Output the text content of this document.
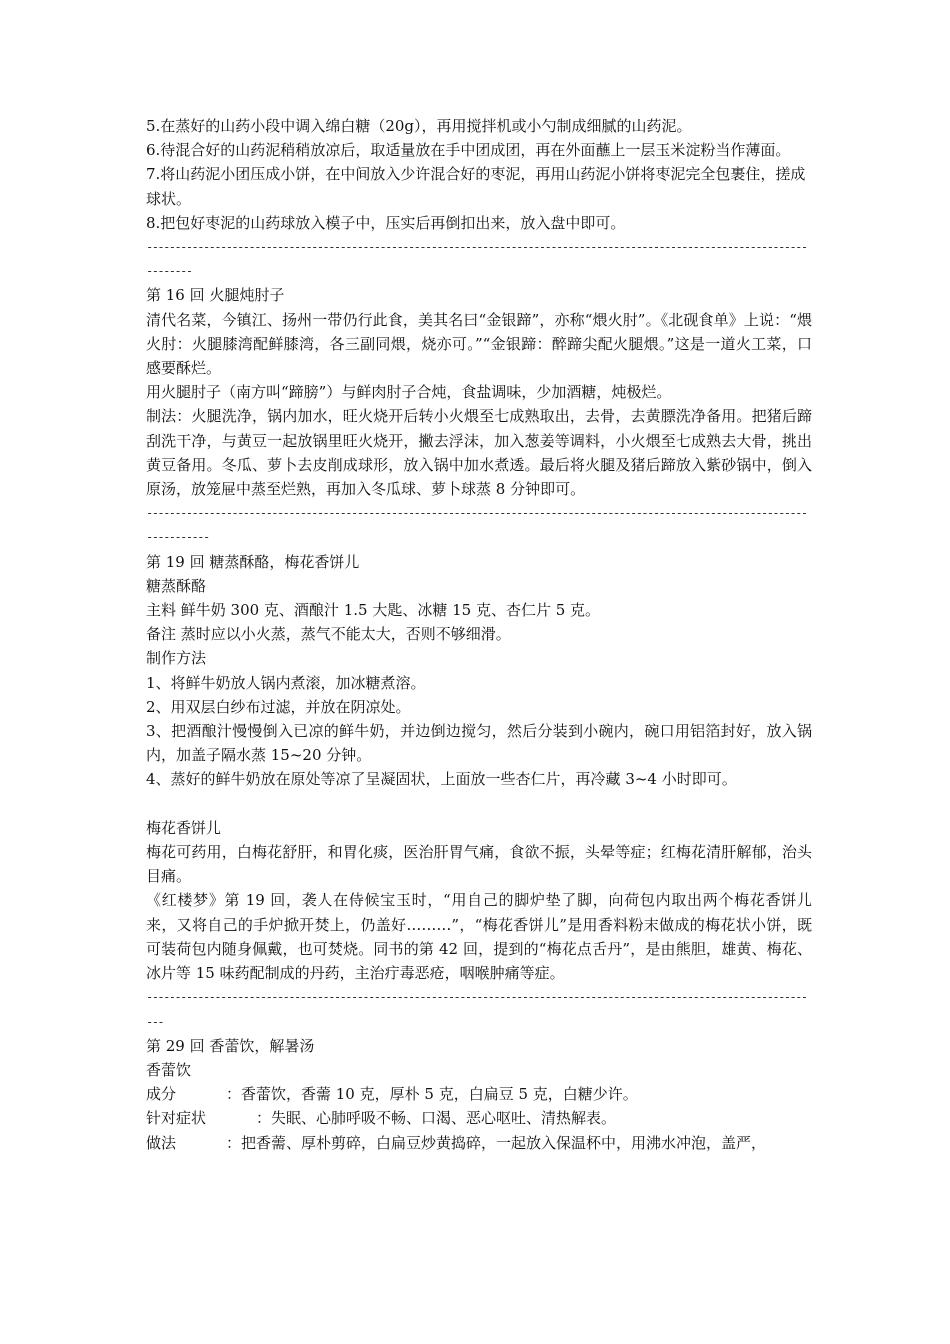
5.在蒸好的山药小段中调入绵白糖（20g），再用搅拌机或小勺制成细腻的山药泥。

6.待混合好的山药泥稍稍放凉后，取适量放在手中团成团，再在外面蘸上一层玉米淀粉当作薄面。

7.将山药泥小团压成小饼，在中间放入少许混合好的枣泥，再用山药泥小饼将枣泥完全包裹住，搓成球状。

8.把包好枣泥的山药球放入模子中，压实后再倒扣出来，放入盘中即可。

----------------------------------------------------------------------------------------------------------------------------

第 16 回 火腿炖肘子

清代名菜，今镇江、扬州一带仍行此食，美其名曰“金银蹄”，亦称“煨火肘”。《北砚食单》上说：“煨火肘：火腿膝湾配鲜膝湾，各三副同煨，烧亦可。”“金银蹄：醉蹄尖配火腿煨。”这是一道火工菜，口感要酥烂。

用火腿肘子（南方叫“蹄膀”）与鲜肉肘子合炖，食盐调味，少加酒糖，炖极烂。

制法：火腿洗净，锅内加水，旺火烧开后转小火煨至七成熟取出，去骨，去黄膘洗净备用。把猪后蹄刮洗干净，与黄豆一起放锅里旺火烧开，撇去浮沫，加入葱姜等调料，小火煨至七成熟去大骨，挑出黄豆备用。冬瓜、萝卜去皮削成球形，放入锅中加水煮透。最后将火腿及猪后蹄放入紫砂锅中，倒入原汤，放笼屉中蒸至烂熟，再加入冬瓜球、萝卜球蒸 8 分钟即可。

-------------------------------------------------------------------------------------------------------------------------------

第 19 回 糖蒸酥酪，梅花香饼儿

糖蒸酥酪

主料 鲜牛奶 300 克、酒酿汁 1.5 大匙、冰糖 15 克、杏仁片 5 克。

备注 蒸时应以小火蒸，蒸气不能太大，否则不够细滑。

制作方法

1、将鲜牛奶放人锅内煮滚，加冰糖煮溶。

2、用双层白纱布过滤，并放在阴凉处。

3、把酒酿汁慢慢倒入已凉的鲜牛奶，并边倒边搅匀，然后分装到小碗内，碗口用铝箔封好，放入锅内，加盖子隔水蒸 15~20 分钟。

4、蒸好的鲜牛奶放在原处等凉了呈凝固状，上面放一些杏仁片，再冷藏 3~4 小时即可。

梅花香饼儿

梅花可药用，白梅花舒肝，和胃化痰，医治肝胃气痛，食欲不振，头晕等症；红梅花清肝解郁，治头目痛。

《红楼梦》第 19 回，袭人在侍候宝玉时，“用自己的脚炉垫了脚，向荷包内取出两个梅花香饼儿来，又将自己的手炉掀开焚上，仍盖好………”，“梅花香饼儿”是用香料粉末做成的梅花状小饼，既可装荷包内随身佩戴，也可焚烧。同书的第 42 回，提到的“梅花点舌丹”，是由熊胆，雄黄、梅花、冰片等 15 味药配制成的丹药，主治疔毒恶疮，咽喉肿痛等症。

-----------------------------------------------------------------------------------------------------------------------

第 29 回 香蕾饮，解暑汤

香蕾饮

成分	：香蕾饮，香薷 10 克，厚朴 5 克，白扁豆 5 克，白糖少许。
针对症状	：失眠、心肺呼吸不畅、口渴、恶心呕吐、清热解表。
做法	：把香薷、厚朴剪碎，白扁豆炒黄捣碎，一起放入保温杯中，用沸水冲泡，盖严，
